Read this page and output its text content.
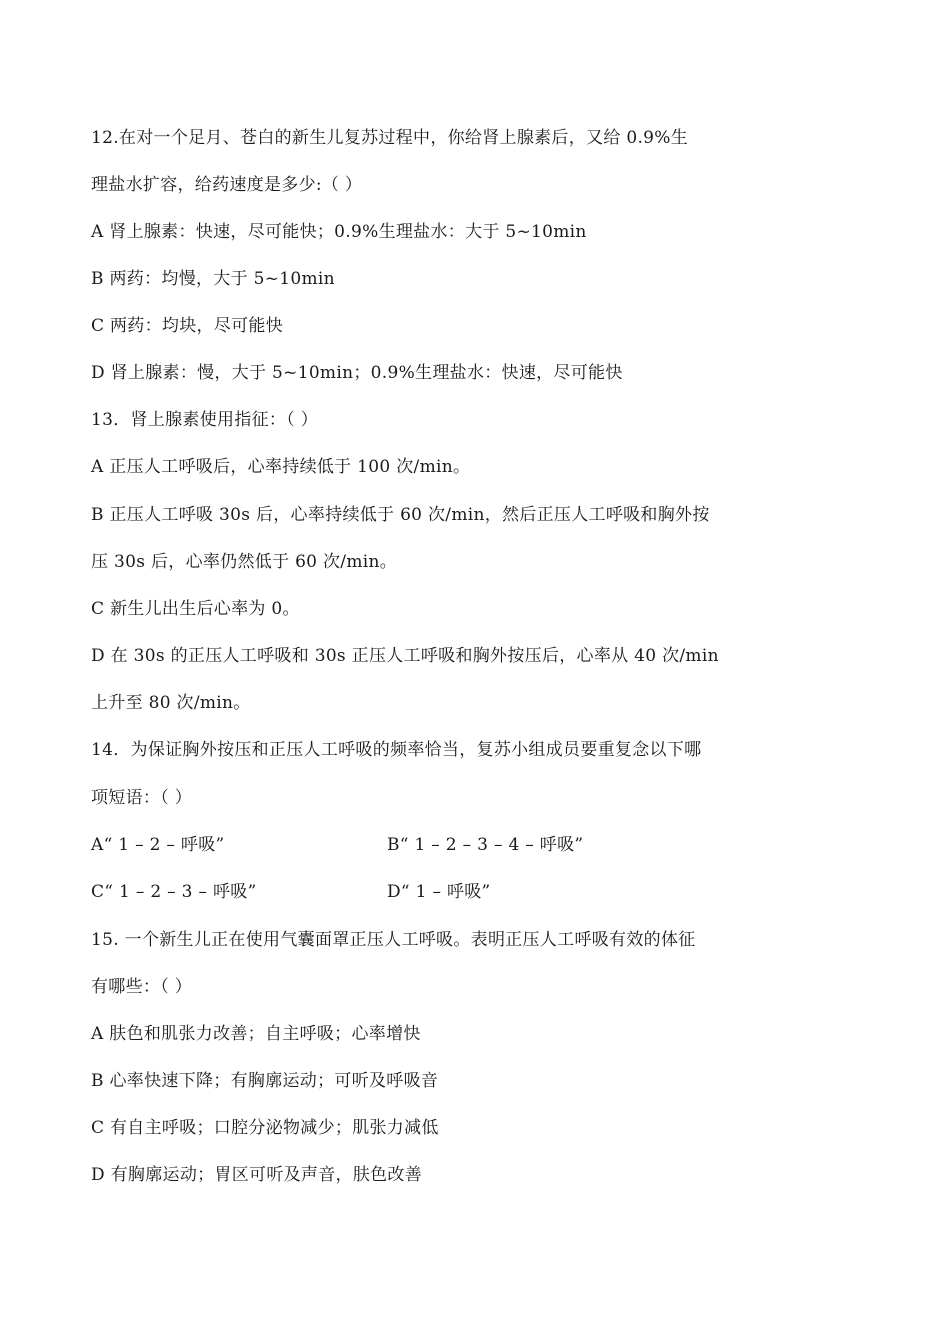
12.在对一个足月、苍白的新生儿复苏过程中，你给肾上腺素后，又给 0.9%生
理盐水扩容，给药速度是多少:（ ）
A 肾上腺素：快速，尽可能快；0.9%生理盐水：大于 5~10min
B 两药：均慢，大于 5~10min
C 两药：均块，尽可能快
D 肾上腺素：慢，大于 5~10min；0.9%生理盐水：快速，尽可能快
13．肾上腺素使用指征：（ ）
A 正压人工呼吸后，心率持续低于 100 次/min。
B 正压人工呼吸 30s 后，心率持续低于 60 次/min，然后正压人工呼吸和胸外按
压 30s 后，心率仍然低于 60 次/min。
C 新生儿出生后心率为 0。
D 在 30s 的正压人工呼吸和 30s 正压人工呼吸和胸外按压后，心率从 40 次/min
上升至 80 次/min。
14．为保证胸外按压和正压人工呼吸的频率恰当，复苏小组成员要重复念以下哪
项短语：（ ）
A“ 1 – 2 – 呼吸”	B“ 1 – 2 – 3 – 4 – 呼吸”
C“ 1 – 2 – 3 – 呼吸”	D“ 1 – 呼吸”
15. 一个新生儿正在使用气囊面罩正压人工呼吸。表明正压人工呼吸有效的体征
有哪些：（ ）
A 肤色和肌张力改善；自主呼吸；心率增快
B 心率快速下降；有胸廓运动；可听及呼吸音
C 有自主呼吸；口腔分泌物减少；肌张力减低
D 有胸廓运动；胃区可听及声音，肤色改善
